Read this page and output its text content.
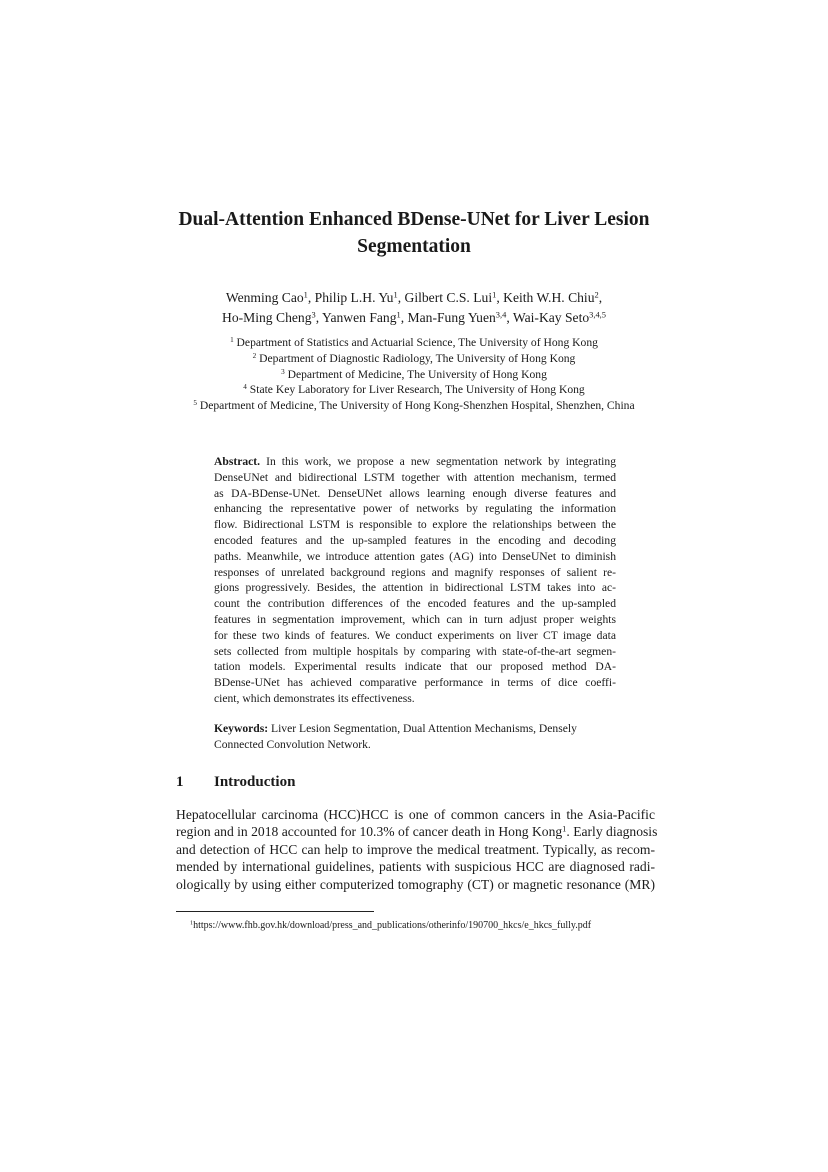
Dual-Attention Enhanced BDense-UNet for Liver Lesion
Segmentation
Wenming Cao$^1$, Philip L.H. Yu$^1$, Gilbert C.S. Lui$^1$, Keith W.H. Chiu$^2$,
Ho-Ming Cheng$^3$, Yanwen Fang$^1$, Man-Fung Yuen$^{3,4}$, Wai-Kay Seto$^{3,4,5}$
$^1$ Department of Statistics and Actuarial Science, The University of Hong Kong
$^2$ Department of Diagnostic Radiology, The University of Hong Kong
$^3$ Department of Medicine, The University of Hong Kong
$^4$ State Key Laboratory for Liver Research, The University of Hong Kong
$^5$ Department of Medicine, The University of Hong Kong-Shenzhen Hospital, Shenzhen, China
Abstract. In this work, we propose a new segmentation network by integrating
DenseUNet and bidirectional LSTM together with attention mechanism, termed
as DA-BDense-UNet. DenseUNet allows learning enough diverse features and
enhancing the representative power of networks by regulating the information
flow. Bidirectional LSTM is responsible to explore the relationships between the
encoded features and the up-sampled features in the encoding and decoding
paths. Meanwhile, we introduce attention gates (AG) into DenseUNet to diminish
responses of unrelated background regions and magnify responses of salient re-
gions progressively. Besides, the attention in bidirectional LSTM takes into ac-
count the contribution differences of the encoded features and the up-sampled
features in segmentation improvement, which can in turn adjust proper weights
for these two kinds of features. We conduct experiments on liver CT image data
sets collected from multiple hospitals by comparing with state-of-the-art segmen-
tation models. Experimental results indicate that our proposed method DA-
BDense-UNet has achieved comparative performance in terms of dice coeffi-
cient, which demonstrates its effectiveness.
Keywords: Liver Lesion Segmentation, Dual Attention Mechanisms, Densely
Connected Convolution Network.
1 Introduction
Hepatocellular carcinoma (HCC)HCC is one of common cancers in the Asia-Pacific
region and in 2018 accounted for 10.3% of cancer death in Hong Kong$^1$. Early diagnosis
and detection of HCC can help to improve the medical treatment. Typically, as recom-
mended by international guidelines, patients with suspicious HCC are diagnosed radi-
ologically by using either computerized tomography (CT) or magnetic resonance (MR)
$^1$https://www.fhb.gov.hk/download/press_and_publications/otherinfo/190700_hkcs/e_hkcs_fully.pdf
